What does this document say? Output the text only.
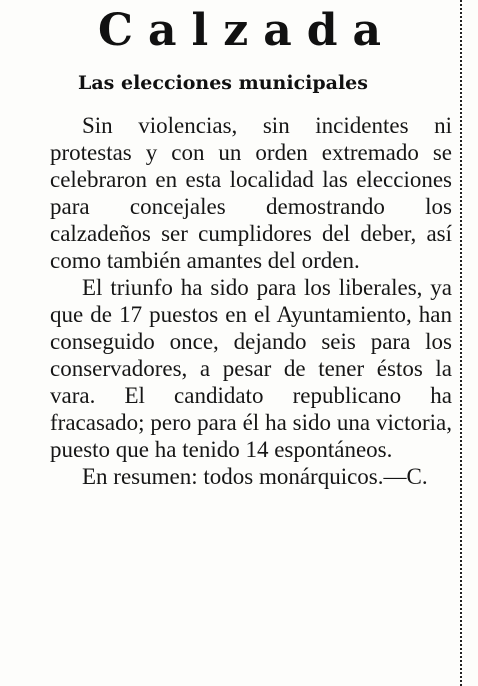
Calzada
Las elecciones municipales

Sin violencias, sin incidentes ni protestas y con un orden extremado se celebraron en esta localidad las elecciones para concejales demostrando los calzadeños ser cumplidores del deber, así como también amantes del orden.

El triunfo ha sido para los liberales, ya que de 17 puestos en el Ayuntamiento, han conseguido once, dejando seis para los conservadores, a pesar de tener éstos la vara. El candidato republicano ha fracasado; pero para él ha sido una victoria, puesto que ha tenido 14 espontáneos.

En resumen: todos monárquicos.—C.
